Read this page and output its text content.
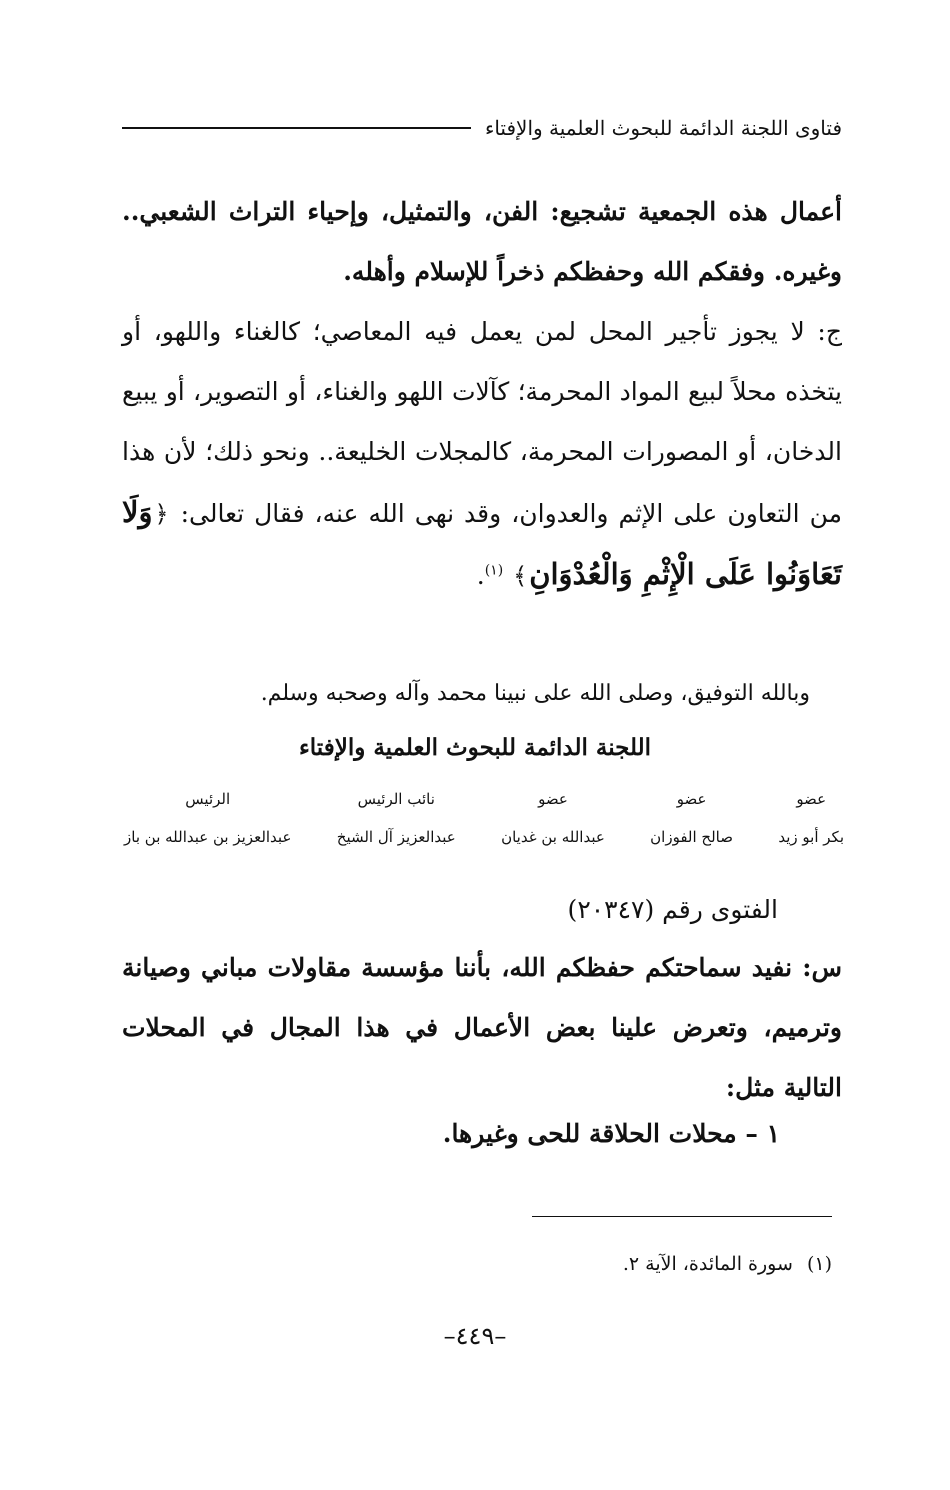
فتاوى اللجنة الدائمة للبحوث العلمية والإفتاء
أعمال هذه الجمعية تشجيع: الفن، والتمثيل، وإحياء التراث الشعبي.. وغيره. وفقكم الله وحفظكم ذخراً للإسلام وأهله.
ج: لا يجوز تأجير المحل لمن يعمل فيه المعاصي؛ كالغناء واللهو، أو يتخذه محلاً لبيع المواد المحرمة؛ كآلات اللهو والغناء، أو التصوير، أو يبيع الدخان، أو المصورات المحرمة، كالمجلات الخليعة.. ونحو ذلك؛ لأن هذا من التعاون على الإثم والعدوان، وقد نهى الله عنه، فقال تعالى: ﴿وَلَا تَعَاوَنُوا عَلَى الْإِثْمِ وَالْعُدْوَانِ﴾ $^{(١)}$.
وبالله التوفيق، وصلى الله على نبينا محمد وآله وصحبه وسلم.
اللجنة الدائمة للبحوث العلمية والإفتاء
عضو
بكر أبو زيد
عضو
صالح الفوزان
عضو
عبدالله بن غديان
نائب الرئيس
عبدالعزيز آل الشيخ
الرئيس
عبدالعزيز بن عبدالله بن باز
الفتوى رقم (٢٠٣٤٧)
س: نفيد سماحتكم حفظكم الله، بأننا مؤسسة مقاولات مباني وصيانة وترميم، وتعرض علينا بعض الأعمال في هذا المجال في المحلات التالية مثل:
١ – محلات الحلاقة للحى وغيرها.
(١) سورة المائدة، الآية ٢.
–٤٤٩–
